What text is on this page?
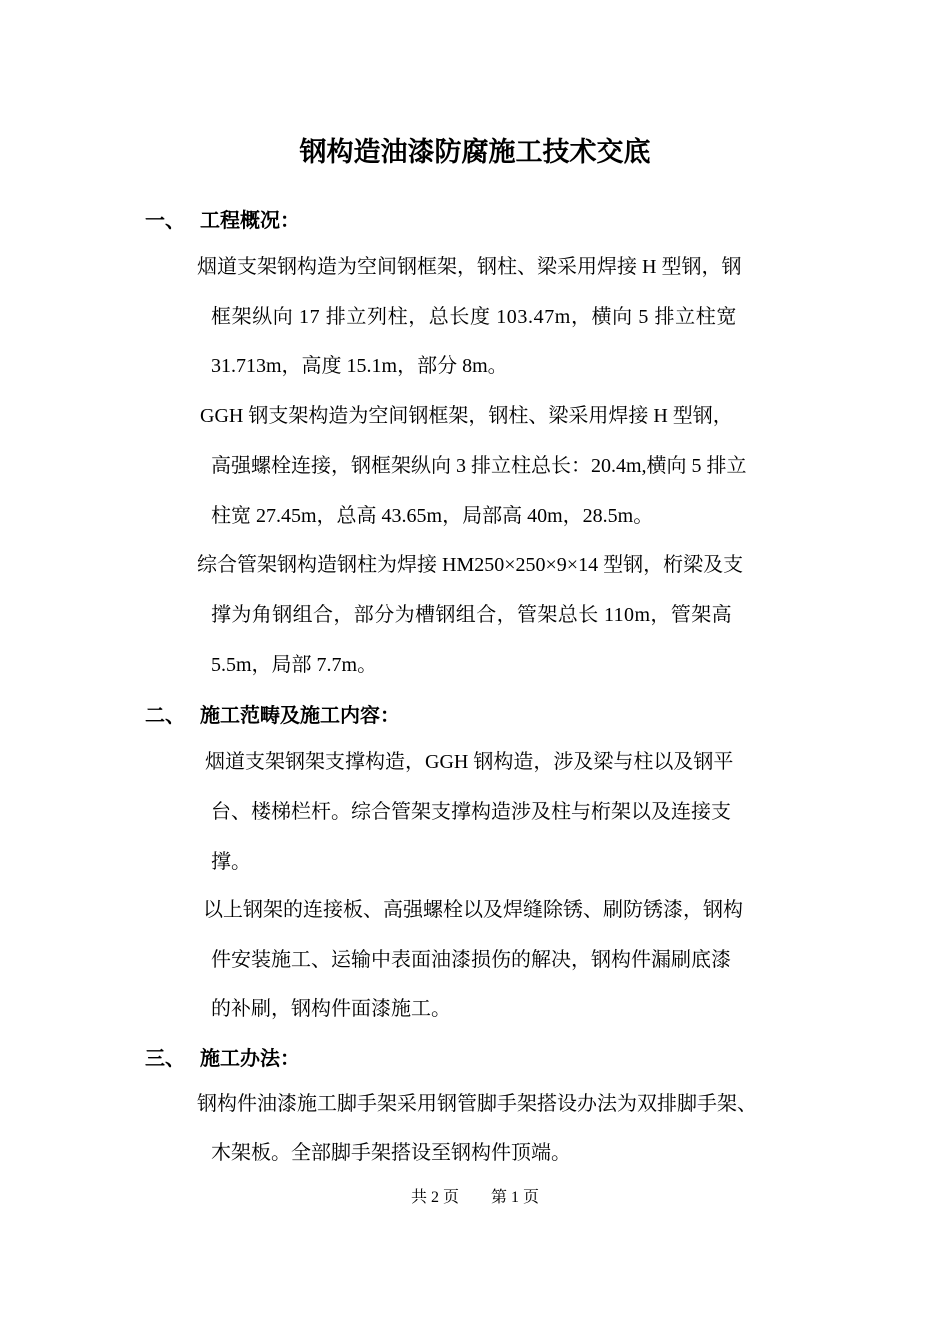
钢构造油漆防腐施工技术交底
一、 工程概况：
烟道支架钢构造为空间钢框架，钢柱、梁采用焊接 H 型钢，钢
框架纵向 17 排立列柱，总长度 103.47m，横向 5 排立柱宽
31.713m，高度 15.1m，部分 8m。
GGH 钢支架构造为空间钢框架，钢柱、梁采用焊接 H 型钢，
高强螺栓连接，钢框架纵向 3 排立柱总长：20.4m,横向 5 排立
柱宽 27.45m，总高 43.65m，局部高 40m，28.5m。
综合管架钢构造钢柱为焊接 HM250×250×9×14 型钢，桁梁及支
撑为角钢组合，部分为槽钢组合，管架总长 110m，管架高
5.5m，局部 7.7m。
二、 施工范畴及施工内容：
烟道支架钢架支撑构造，GGH 钢构造，涉及梁与柱以及钢平
台、楼梯栏杆。综合管架支撑构造涉及柱与桁架以及连接支
撑。
以上钢架的连接板、高强螺栓以及焊缝除锈、刷防锈漆，钢构
件安装施工、运输中表面油漆损伤的解决，钢构件漏刷底漆
的补刷，钢构件面漆施工。
三、 施工办法：
钢构件油漆施工脚手架采用钢管脚手架搭设办法为双排脚手架、
木架板。全部脚手架搭设至钢构件顶端。
共 2 页 第 1 页
